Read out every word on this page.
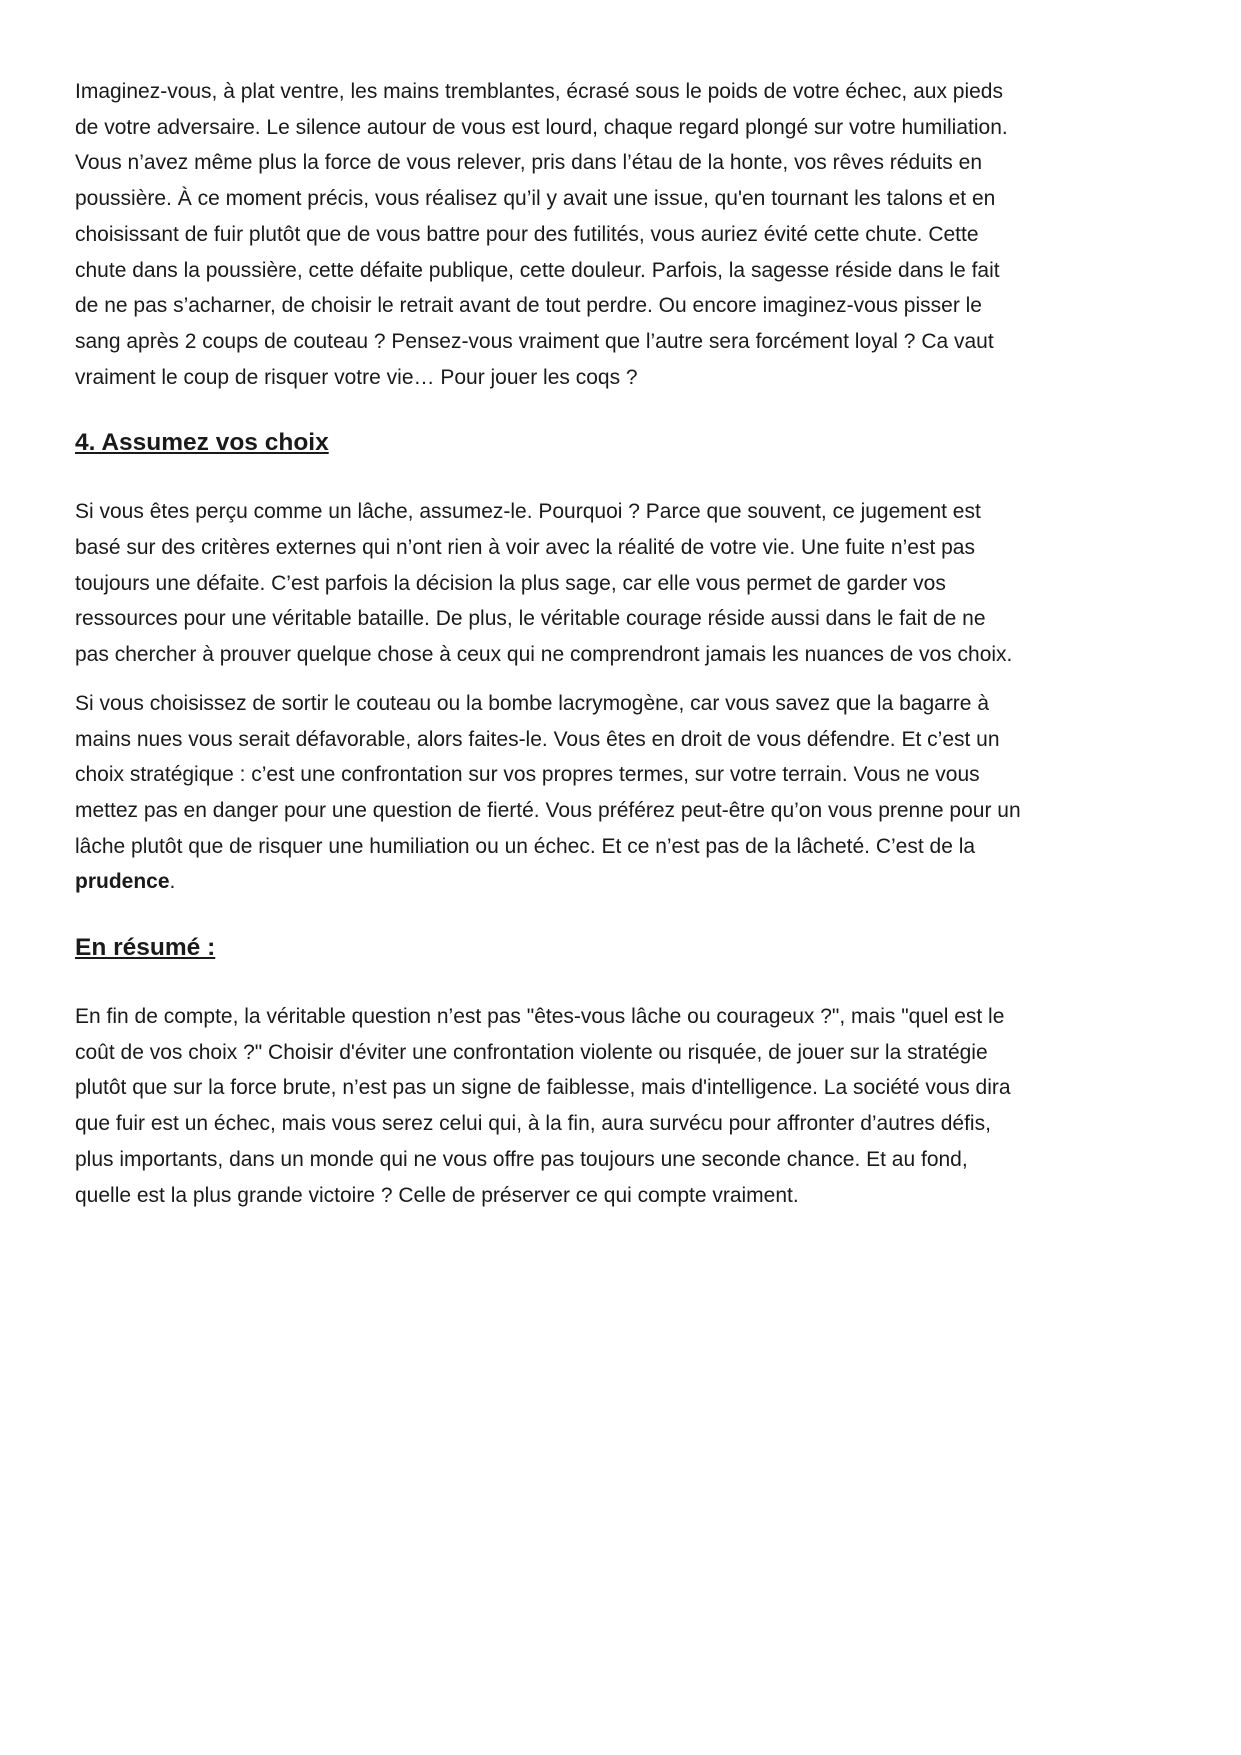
Imaginez-vous, à plat ventre, les mains tremblantes, écrasé sous le poids de votre échec, aux pieds
de votre adversaire. Le silence autour de vous est lourd, chaque regard plongé sur votre humiliation.
Vous n’avez même plus la force de vous relever, pris dans l’étau de la honte, vos rêves réduits en
poussière. À ce moment précis, vous réalisez qu’il y avait une issue, qu'en tournant les talons et en
choisissant de fuir plutôt que de vous battre pour des futilités, vous auriez évité cette chute. Cette
chute dans la poussière, cette défaite publique, cette douleur. Parfois, la sagesse réside dans le fait
de ne pas s’acharner, de choisir le retrait avant de tout perdre. Ou encore imaginez-vous pisser le
sang après 2 coups de couteau ? Pensez-vous vraiment que l’autre sera forcément loyal ? Ca vaut
vraiment le coup de risquer votre vie… Pour jouer les coqs ?
4. Assumez vos choix
Si vous êtes perçu comme un lâche, assumez-le. Pourquoi ? Parce que souvent, ce jugement est
basé sur des critères externes qui n’ont rien à voir avec la réalité de votre vie. Une fuite n’est pas
toujours une défaite. C’est parfois la décision la plus sage, car elle vous permet de garder vos
ressources pour une véritable bataille. De plus, le véritable courage réside aussi dans le fait de ne
pas chercher à prouver quelque chose à ceux qui ne comprendront jamais les nuances de vos choix.
Si vous choisissez de sortir le couteau ou la bombe lacrymogène, car vous savez que la bagarre à
mains nues vous serait défavorable, alors faites-le. Vous êtes en droit de vous défendre. Et c’est un
choix stratégique : c’est une confrontation sur vos propres termes, sur votre terrain. Vous ne vous
mettez pas en danger pour une question de fierté. Vous préférez peut-être qu’on vous prenne pour un
lâche plutôt que de risquer une humiliation ou un échec. Et ce n’est pas de la lâcheté. C’est de la
prudence.
En résumé :
En fin de compte, la véritable question n’est pas "êtes-vous lâche ou courageux ?", mais "quel est le
coût de vos choix ?" Choisir d'éviter une confrontation violente ou risquée, de jouer sur la stratégie
plutôt que sur la force brute, n’est pas un signe de faiblesse, mais d'intelligence. La société vous dira
que fuir est un échec, mais vous serez celui qui, à la fin, aura survécu pour affronter d’autres défis,
plus importants, dans un monde qui ne vous offre pas toujours une seconde chance. Et au fond,
quelle est la plus grande victoire ? Celle de préserver ce qui compte vraiment.
